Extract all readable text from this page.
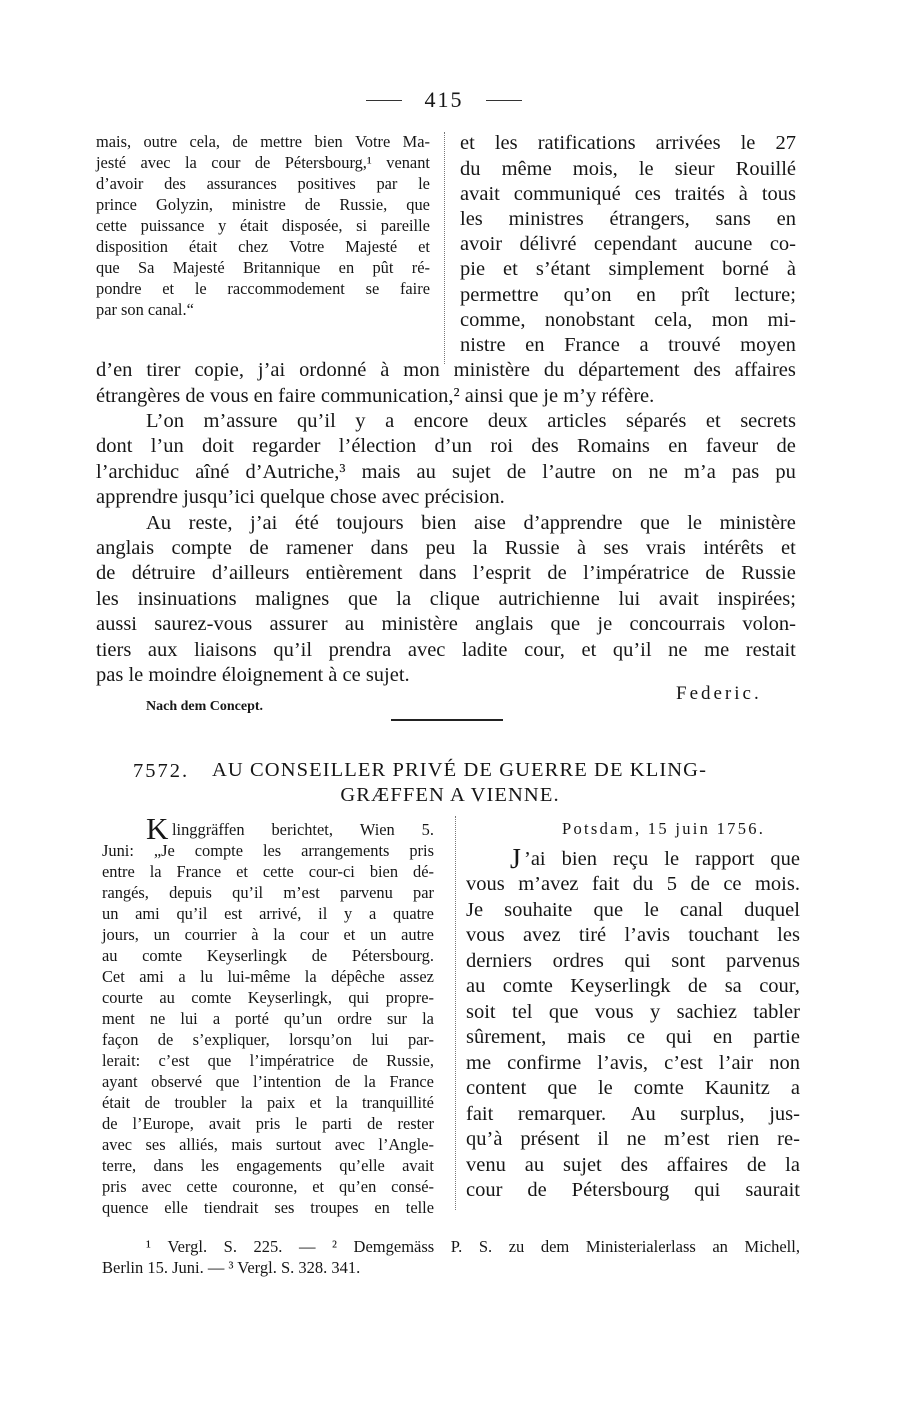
415
mais, outre cela, de mettre bien Votre Ma-
jesté avec la cour de Pétersbourg,¹ venant
d’avoir des assurances positives par le
prince Golyzin, ministre de Russie, que
cette puissance y était disposée, si pareille
disposition était chez Votre Majesté et
que Sa Majesté Britannique en pût ré-
pondre et le raccommodement se faire
par son canal.“
et les ratifications arrivées le 27
du même mois, le sieur Rouillé
avait communiqué ces traités à tous
les ministres étrangers, sans en
avoir délivré cependant aucune co-
pie et s’étant simplement borné à
permettre qu’on en prît lecture;
comme, nonobstant cela, mon mi-
nistre en France a trouvé moyen
d’en tirer copie, j’ai ordonné à mon ministère du département des affaires
étrangères de vous en faire communication,² ainsi que je m’y réfère.
L’on m’assure qu’il y a encore deux articles séparés et secrets
dont l’un doit regarder l’élection d’un roi des Romains en faveur de
l’archiduc aîné d’Autriche,³ mais au sujet de l’autre on ne m’a pas pu
apprendre jusqu’ici quelque chose avec précision.
Au reste, j’ai été toujours bien aise d’apprendre que le ministère
anglais compte de ramener dans peu la Russie à ses vrais intérêts et
de détruire d’ailleurs entièrement dans l’esprit de l’impératrice de Russie
les insinuations malignes que la clique autrichienne lui avait inspirées;
aussi saurez-vous assurer au ministère anglais que je concourrais volon-
tiers aux liaisons qu’il prendra avec ladite cour, et qu’il ne me restait
pas le moindre éloignement à ce sujet.
Federic.
Nach dem Concept.
7572. AU CONSEILLER PRIVÉ DE GUERRE DE KLING-
GRÆFFEN A VIENNE.
K linggräffen berichtet, Wien 5.
Juni: „Je compte les arrangements pris
entre la France et cette cour-ci bien dé-
rangés, depuis qu’il m’est parvenu par
un ami qu’il est arrivé, il y a quatre
jours, un courrier à la cour et un autre
au comte Keyserlingk de Pétersbourg.
Cet ami a lu lui-même la dépêche assez
courte au comte Keyserlingk, qui propre-
ment ne lui a porté qu’un ordre sur la
façon de s’expliquer, lorsqu’on lui par-
lerait: c’est que l’impératrice de Russie,
ayant observé que l’intention de la France
était de troubler la paix et la tranquillité
de l’Europe, avait pris le parti de rester
avec ses alliés, mais surtout avec l’Angle-
terre, dans les engagements qu’elle avait
pris avec cette couronne, et qu’en consé-
quence elle tiendrait ses troupes en telle
Potsdam, 15 juin 1756.
J ’ai bien reçu le rapport que
vous m’avez fait du 5 de ce mois.
Je souhaite que le canal duquel
vous avez tiré l’avis touchant les
derniers ordres qui sont parvenus
au comte Keyserlingk de sa cour,
soit tel que vous y sachiez tabler
sûrement, mais ce qui en partie
me confirme l’avis, c’est l’air non
content que le comte Kaunitz a
fait remarquer. Au surplus, jus-
qu’à présent il ne m’est rien re-
venu au sujet des affaires de la
cour de Pétersbourg qui saurait
¹ Vergl. S. 225. — ² Demgemäss P. S. zu dem Ministerialerlass an Michell,
Berlin 15. Juni. — ³ Vergl. S. 328. 341.
